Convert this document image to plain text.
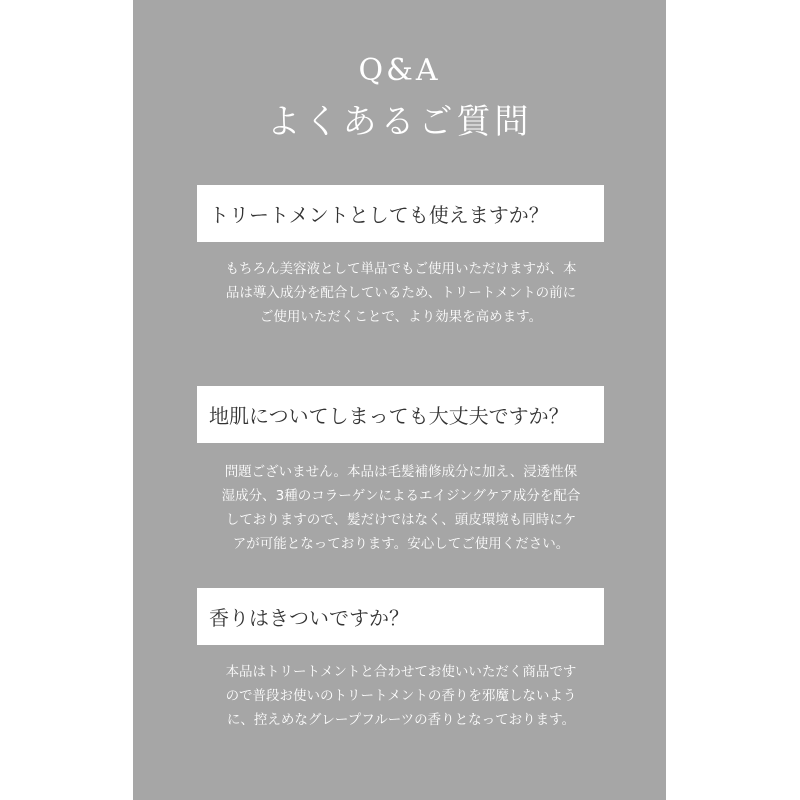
Q&A
よくあるご質問
トリートメントとしても使えますか？
もちろん美容液として単品でもご使用いただけますが、本
品は導入成分を配合しているため、トリートメントの前に
ご使用いただくことで、より効果を高めます。
地肌についてしまっても大丈夫ですか？
問題ございません。本品は毛髪補修成分に加え、浸透性保
湿成分、3種のコラーゲンによるエイジングケア成分を配合
しておりますので、髪だけではなく、頭皮環境も同時にケ
アが可能となっております。安心してご使用ください。
香りはきついですか？
本品はトリートメントと合わせてお使いいただく商品です
ので普段お使いのトリートメントの香りを邪魔しないよう
に、控えめなグレープフルーツの香りとなっております。
